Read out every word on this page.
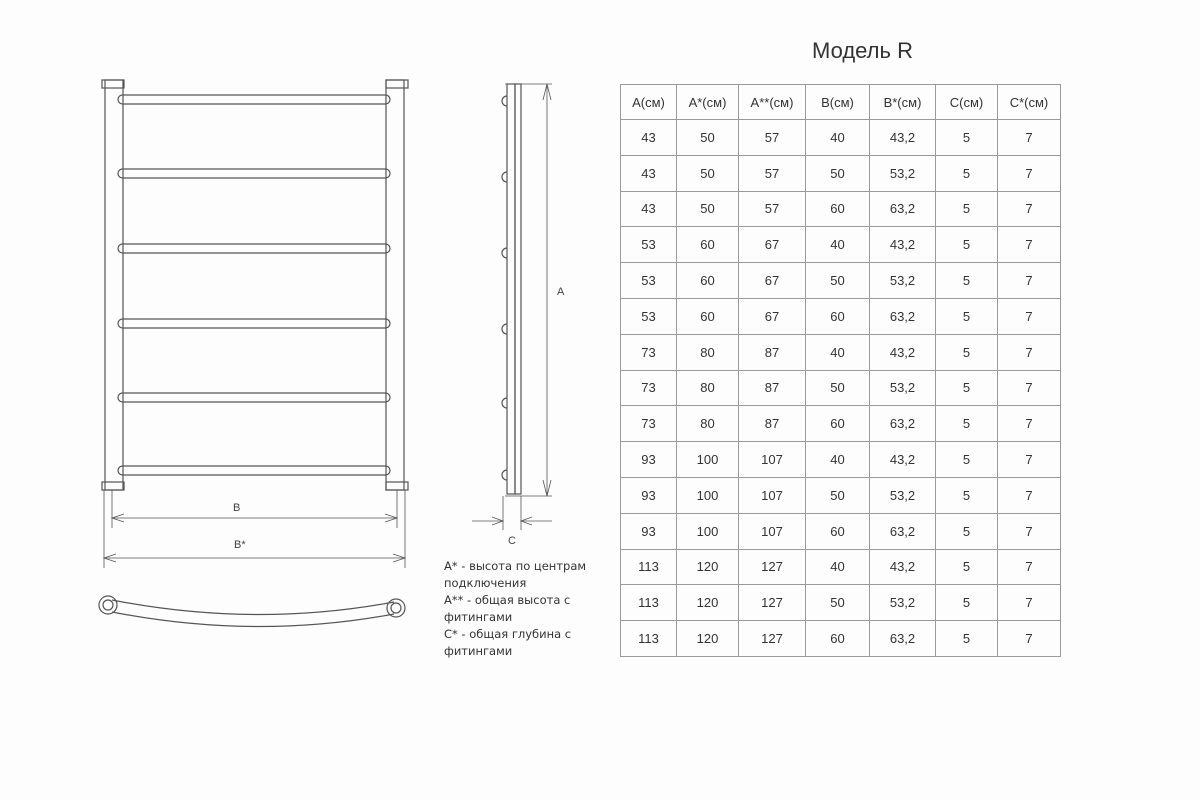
Модель R
B
B*
A
C
A* - высота по центрам подключения
A** - общая высота с фитингами
C* - общая глубина с фитингами
A(см)	A*(см)	A**(см)	B(см)	B*(см)	C(см)	C*(см)
43	50	57	40	43,2	5	7
43	50	57	50	53,2	5	7
43	50	57	60	63,2	5	7
53	60	67	40	43,2	5	7
53	60	67	50	53,2	5	7
53	60	67	60	63,2	5	7
73	80	87	40	43,2	5	7
73	80	87	50	53,2	5	7
73	80	87	60	63,2	5	7
93	100	107	40	43,2	5	7
93	100	107	50	53,2	5	7
93	100	107	60	63,2	5	7
113	120	127	40	43,2	5	7
113	120	127	50	53,2	5	7
113	120	127	60	63,2	5	7
